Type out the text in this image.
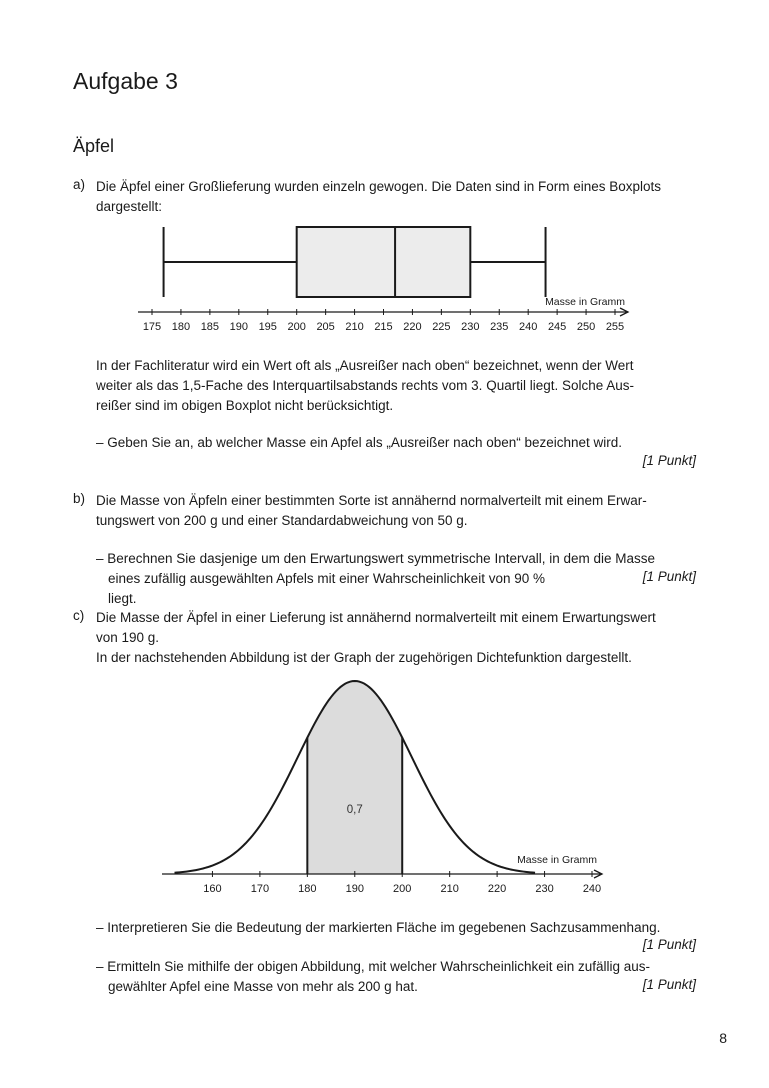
Aufgabe 3
Äpfel
a) Die Äpfel einer Großlieferung wurden einzeln gewogen. Die Daten sind in Form eines Boxplots
dargestellt:
175 180 185 190 195 200 205 210 215 220 225 230 235 240 245 250 255
Masse in Gramm
In der Fachliteratur wird ein Wert oft als „Ausreißer nach oben“ bezeichnet, wenn der Wert
weiter als das 1,5-Fache des Interquartilsabstands rechts vom 3. Quartil liegt. Solche Aus-
reißer sind im obigen Boxplot nicht berücksichtigt.
– Geben Sie an, ab welcher Masse ein Apfel als „Ausreißer nach oben“ bezeichnet wird.
[1 Punkt]
b) Die Masse von Äpfeln einer bestimmten Sorte ist annähernd normalverteilt mit einem Erwar-
tungswert von 200 g und einer Standardabweichung von 50 g.
– Berechnen Sie dasjenige um den Erwartungswert symmetrische Intervall, in dem die Masse
eines zufällig ausgewählten Apfels mit einer Wahrscheinlichkeit von 90 % liegt.
[1 Punkt]
c) Die Masse der Äpfel in einer Lieferung ist annähernd normalverteilt mit einem Erwartungswert
von 190 g.
In der nachstehenden Abbildung ist der Graph der zugehörigen Dichtefunktion dargestellt.
160	170	180	190	200	210	220	230	240
0,7
Masse in Gramm
– Interpretieren Sie die Bedeutung der markierten Fläche im gegebenen Sachzusammenhang.
[1 Punkt]
– Ermitteln Sie mithilfe der obigen Abbildung, mit welcher Wahrscheinlichkeit ein zufällig aus-
gewählter Apfel eine Masse von mehr als 200 g hat.	[1 Punkt]
8
